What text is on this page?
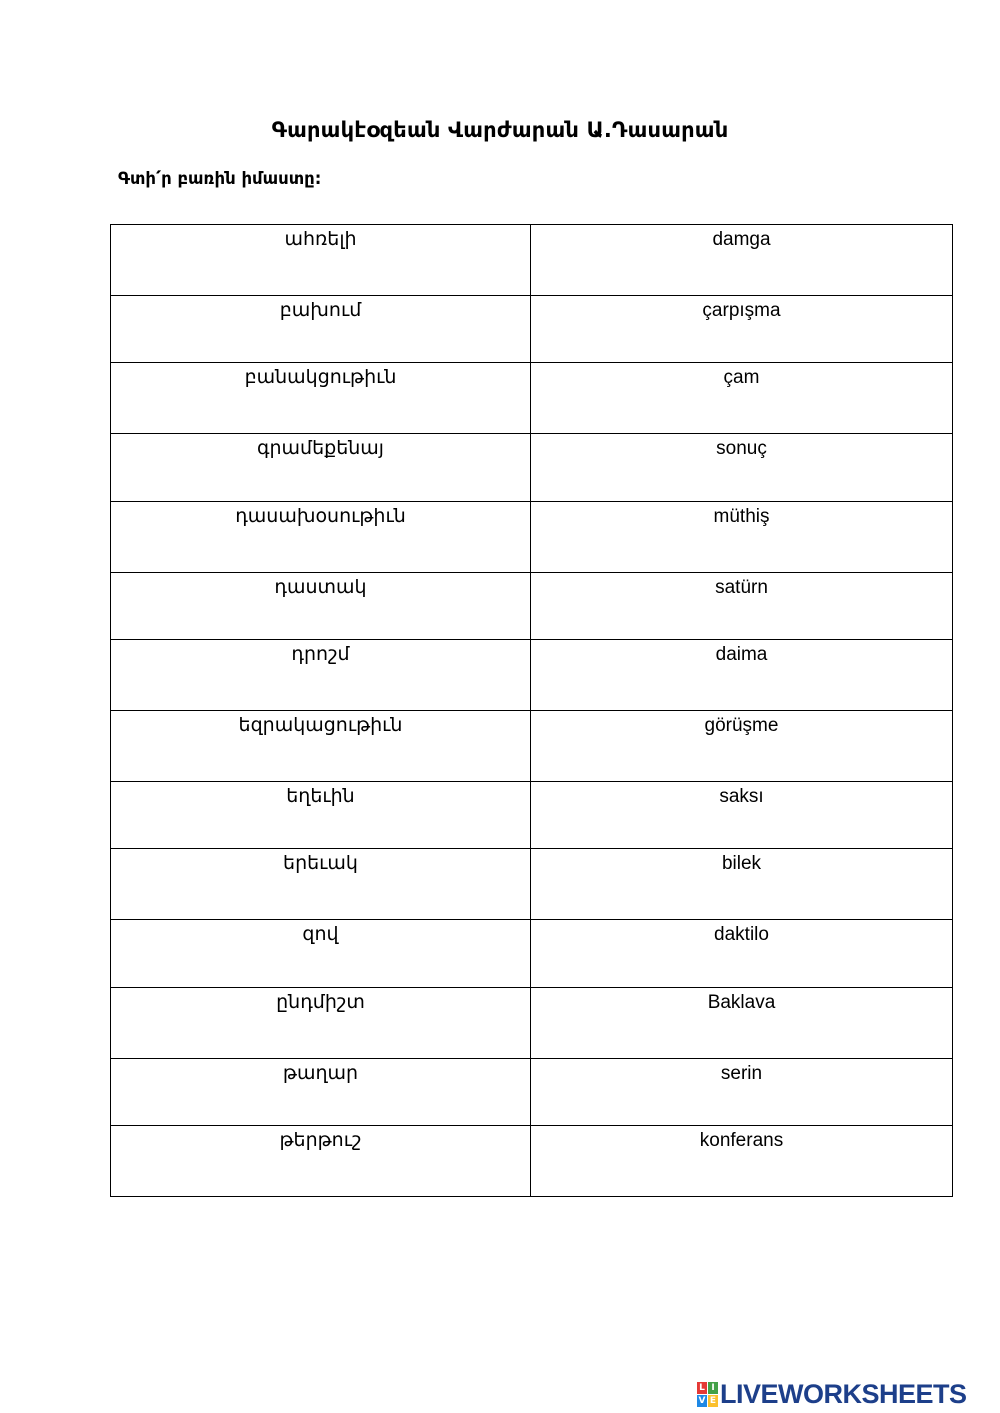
Գարակէօզեան Վարժարան Ա.Դասարան
Գտի՛ր բառին իմաստը:
ահռելի	damga
բախում	çarpışma
բանակցութիւն	çam
գրամեքենայ	sonuç
դասախօսութիւն	müthiş
դաստակ	satürn
դրոշմ	daima
եզրակացութիւն	görüşme
եղեւին	saksı
երեւակ	bilek
զով	daktilo
ընդմիշտ	Baklava
թաղար	serin
թերթուշ	konferans
L I
V E LIVEWORKSHEETS
